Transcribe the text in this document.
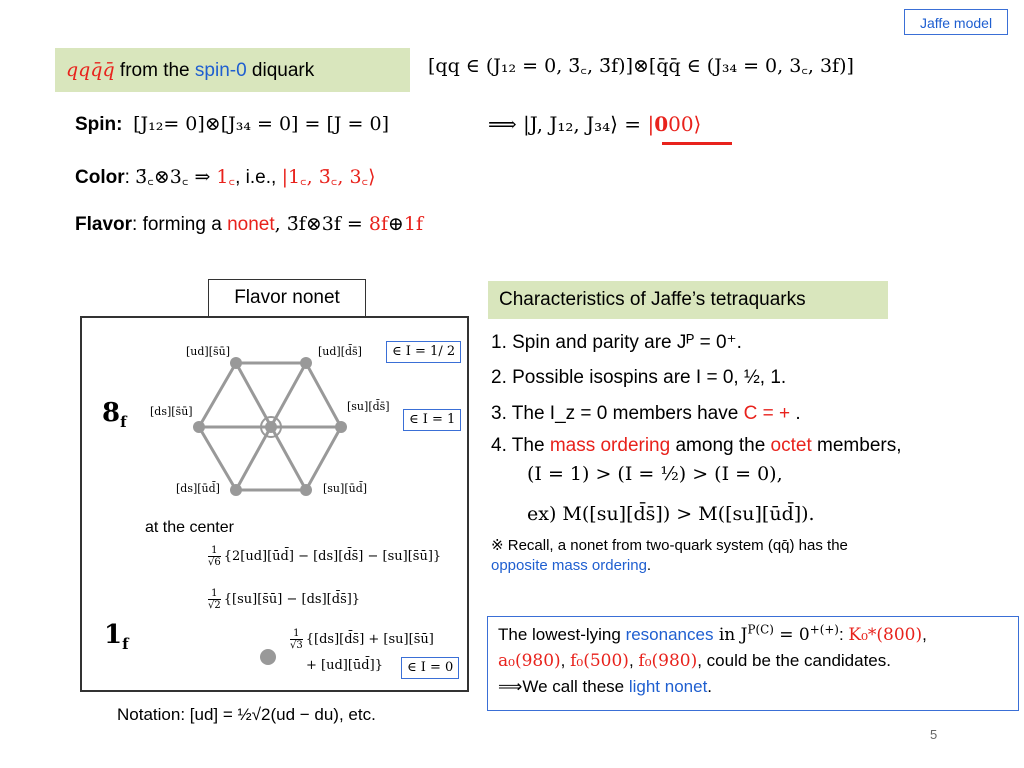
Jaffe model
qqq̄q̄ from the spin-0 diquark	[qq ∈ (J₁₂ = 0, 3̄꜀, 3̄f)]⊗[q̄q̄ ∈ (J₃₄ = 0, 3꜀, 3f)]
Spin: [J₁₂= 0]⊗[J₃₄ = 0] = [J = 0]	⟹ |J, J₁₂, J₃₄⟩ = |000⟩
Color: 3̄꜀⊗3꜀ ⇒ 1꜀, i.e., |1꜀, 3̄꜀, 3꜀⟩
Flavor: forming a nonet, 3̄f⊗3f = 8f⊕1f
Flavor nonet
[ud][s̄ū]	[ud][d̄s̄]
[ds][s̄ū]	[su][d̄s̄]
[ds][ūd̄]	[su][ūd̄]
$8_f$
$1_f$
∈ I = 1/ 2
∈ I = 1
∈ I = 0
at the center
$\frac{1}{√6}$ {2[ud][ūd̄] − [ds][d̄s̄] − [su][s̄ū]}
$\frac{1}{√2}$ {[su][s̄ū] − [ds][d̄s̄]}
$\frac{1}{√3}$ {[ds][d̄s̄] + [su][s̄ū]
+ [ud][ūd̄]}
Notation: [ud] = ½√2(ud − du), etc.
Characteristics of Jaffe’s tetraquarks
1. Spin and parity are Jᴾ = 0⁺.
2. Possible isospins are I = 0, ½, 1.
3. The I_z = 0 members have C = + .
4. The mass ordering among the octet members,
(I = 1) > (I = ½) > (I = 0),
ex) M([su][d̄s̄]) > M([su][ūd̄]).
※ Recall, a nonet from two-quark system (qq̄) has the
opposite mass ordering.
The lowest-lying resonances in $J^{P(C)} = 0^{+(+)}$: K₀*(800),
a₀(980), f₀(500), f₀(980), could be the candidates.
⟹We call these light nonet.
5
